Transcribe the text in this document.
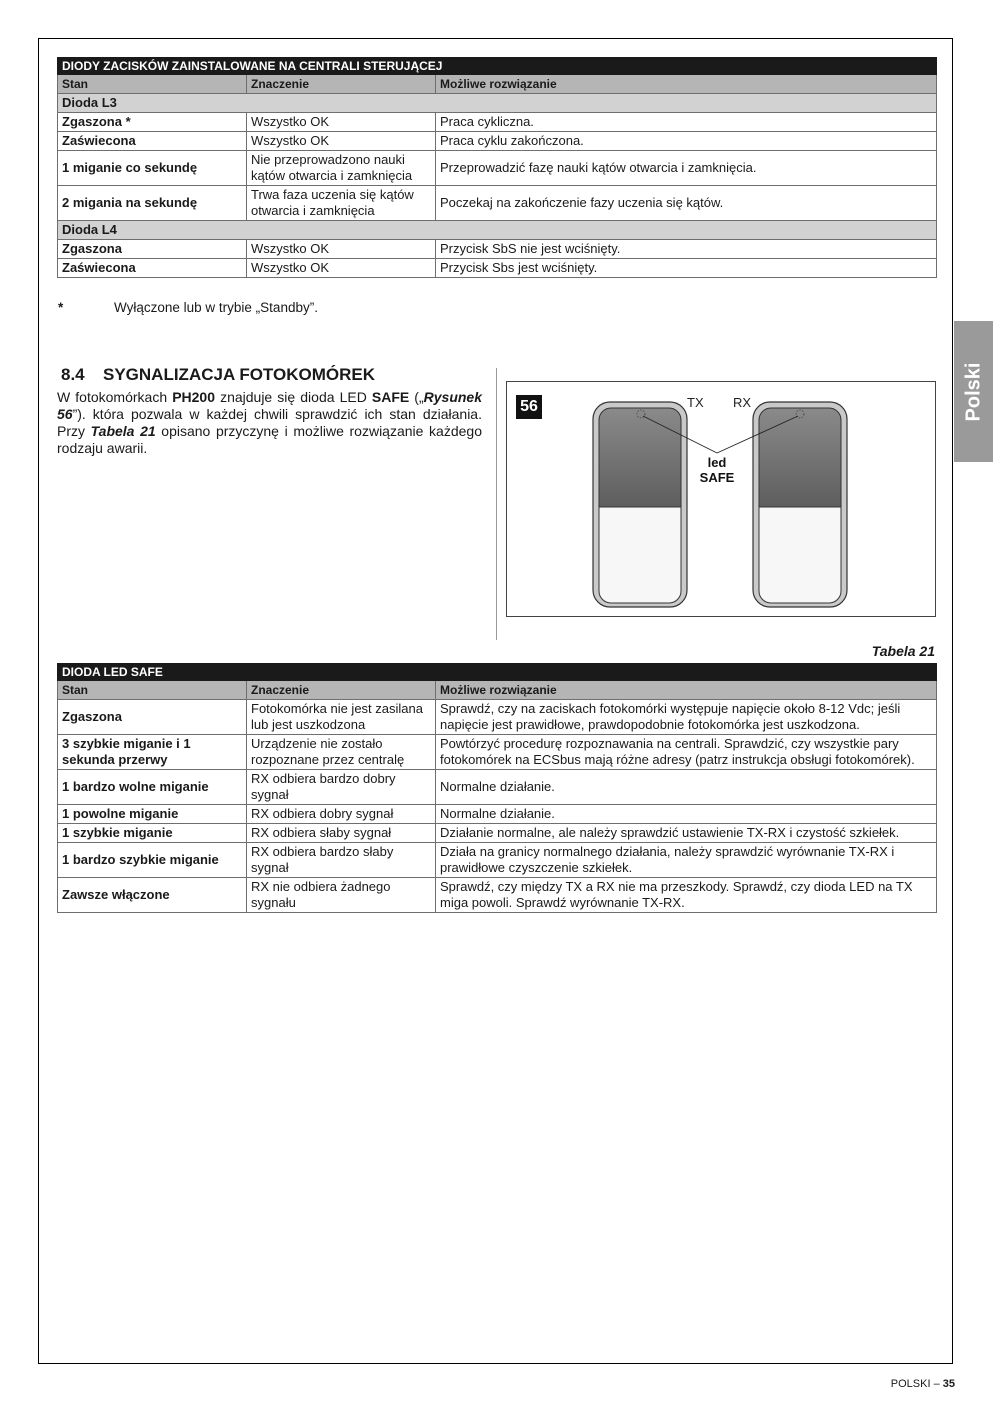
DIODY ZACISKÓW ZAINSTALOWANE NA CENTRALI STERUJĄCEJ		
Stan	Znaczenie	Możliwe rozwiązanie
Dioda L3		
Zgaszona *	Wszystko OK	Praca cykliczna.
Zaświecona	Wszystko OK	Praca cyklu zakończona.
1 miganie co sekundę	Nie przeprowadzono nauki kątów otwarcia i zamknięcia	Przeprowadzić fazę nauki kątów otwarcia i zamknięcia.
2 migania na sekundę	Trwa faza uczenia się kątów otwarcia i zamknięcia	Poczekaj na zakończenie fazy uczenia się kątów.
Dioda L4		
Zgaszona	Wszystko OK	Przycisk SbS nie jest wciśnięty.
Zaświecona	Wszystko OK	Przycisk Sbs jest wciśnięty.
*	Wyłączone lub w trybie „Standby”.
8.4 SYGNALIZACJA FOTOKOMÓREK
W fotokomórkach PH200 znajduje się dioda LED SAFE („Rysunek 56”). która pozwala w każdej chwili sprawdzić ich stan działania. Przy Tabela 21 opisano przyczynę i możliwe rozwiązanie każdego rodzaju awarii.
TX RX
led
SAFE
56
Tabela 21
DIODA LED SAFE		
Stan	Znaczenie	Możliwe rozwiązanie
Zgaszona	Fotokomórka nie jest zasilana lub jest uszkodzona	Sprawdź, czy na zaciskach fotokomórki występuje napięcie około 8-12 Vdc; jeśli napięcie jest prawidłowe, prawdopodobnie fotokomórka jest uszkodzona.
3 szybkie miganie i 1 sekunda przerwy	Urządzenie nie zostało rozpoznane przez centralę	Powtórzyć procedurę rozpoznawania na centrali. Sprawdzić, czy wszystkie pary fotokomórek na ECSbus mają różne adresy (patrz instrukcja obsługi fotokomórek).
1 bardzo wolne miganie	RX odbiera bardzo dobry sygnał	Normalne działanie.
1 powolne miganie	RX odbiera dobry sygnał	Normalne działanie.
1 szybkie miganie	RX odbiera słaby sygnał	Działanie normalne, ale należy sprawdzić ustawienie TX-RX i czystość szkiełek.
1 bardzo szybkie miganie	RX odbiera bardzo słaby sygnał	Działa na granicy normalnego działania, należy sprawdzić wyrównanie TX-RX i prawidłowe czyszczenie szkiełek.
Zawsze włączone	RX nie odbiera żadnego sygnału	Sprawdź, czy między TX a RX nie ma przeszkody. Sprawdź, czy dioda LED na TX miga powoli. Sprawdź wyrównanie TX-RX.
Polski
POLSKI – 35
